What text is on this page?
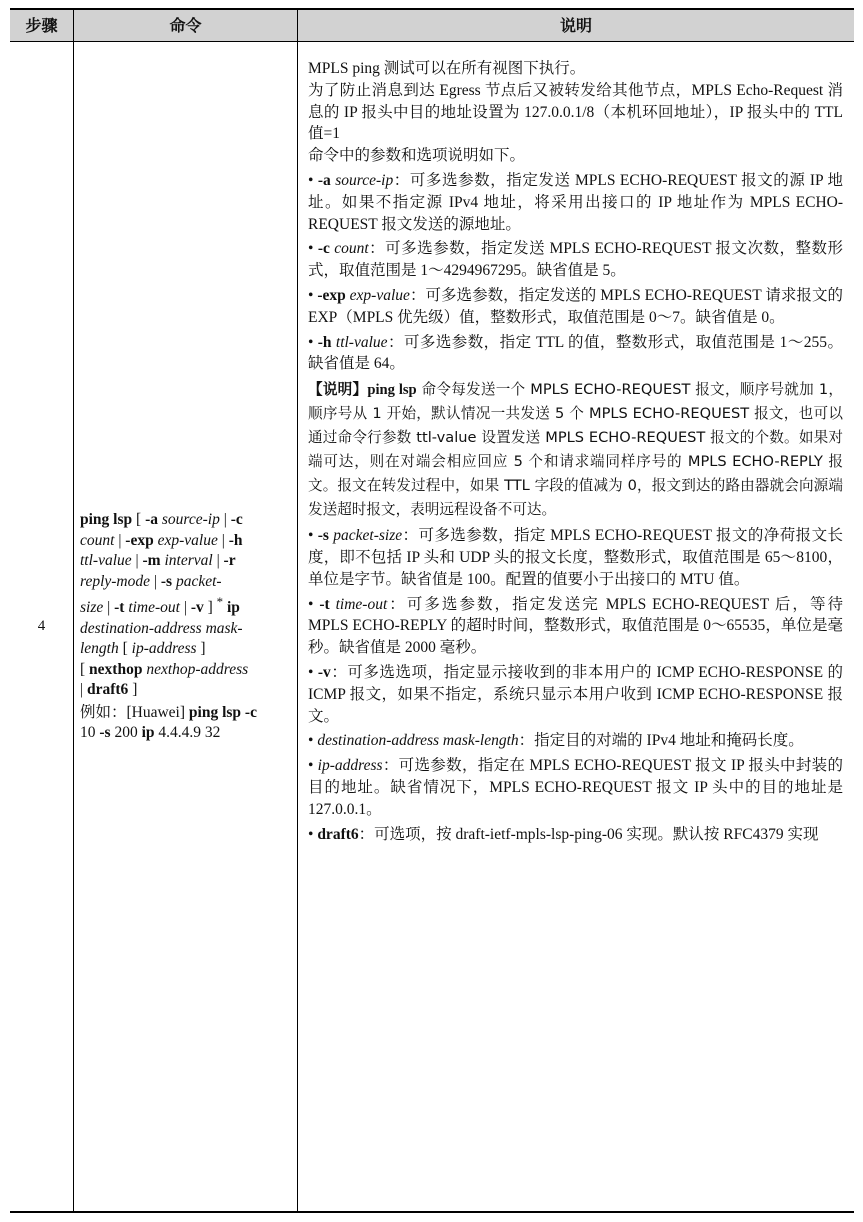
步骤	命令	说明
4
ping lsp [ -a source-ip | -c
count | -exp exp-value | -h
ttl-value | -m interval | -r
reply-mode | -s packet-
size | -t time-out | -v ] * ip
destination-address mask-
length [ ip-address ]
[ nexthop nexthop-address
| draft6 ]
例如：[Huawei] ping lsp -c
10 -s 200 ip 4.4.4.9 32

MPLS ping 测试可以在所有视图下执行。

为了防止消息到达 Egress 节点后又被转发给其他节点，MPLS Echo-Request 消息的 IP 报头中目的地址设置为 127.0.0.1/8（本机环回地址），IP 报头中的 TTL 值=1

命令中的参数和选项说明如下。

• -a source-ip：可多选参数，指定发送 MPLS ECHO-REQUEST 报文的源 IP 地址。如果不指定源 IPv4 地址，将采用出接口的 IP 地址作为 MPLS ECHO-REQUEST 报文发送的源地址。

• -c count：可多选参数，指定发送 MPLS ECHO-REQUEST 报文次数，整数形式，取值范围是 1～4294967295。缺省值是 5。

• -exp exp-value：可多选参数，指定发送的 MPLS ECHO-REQUEST 请求报文的 EXP（MPLS 优先级）值，整数形式，取值范围是 0～7。缺省值是 0。

• -h ttl-value：可多选参数，指定 TTL 的值，整数形式，取值范围是 1～255。缺省值是 64。

【说明】ping lsp 命令每发送一个 MPLS ECHO-REQUEST 报文，顺序号就加 1，顺序号从 1 开始，默认情况一共发送 5 个 MPLS ECHO-REQUEST 报文，也可以通过命令行参数 ttl-value 设置发送 MPLS ECHO-REQUEST 报文的个数。如果对端可达，则在对端会相应回应 5 个和请求端同样序号的 MPLS ECHO-REPLY 报文。报文在转发过程中，如果 TTL 字段的值减为 0，报文到达的路由器就会向源端发送超时报文，表明远程设备不可达。

• -s packet-size：可多选参数，指定 MPLS ECHO-REQUEST 报文的净荷报文长度，即不包括 IP 头和 UDP 头的报文长度，整数形式，取值范围是 65～8100，单位是字节。缺省值是 100。配置的值要小于出接口的 MTU 值。

• -t time-out：可多选参数，指定发送完 MPLS ECHO-REQUEST 后，等待 MPLS ECHO-REPLY 的超时时间，整数形式，取值范围是 0～65535，单位是毫秒。缺省值是 2000 毫秒。

• -v：可多选选项，指定显示接收到的非本用户的 ICMP ECHO-RESPONSE 的 ICMP 报文，如果不指定，系统只显示本用户收到 ICMP ECHO-RESPONSE 报文。

• destination-address mask-length：指定目的对端的 IPv4 地址和掩码长度。

• ip-address：可选参数，指定在 MPLS ECHO-REQUEST 报文 IP 报头中封装的目的地址。缺省情况下，MPLS ECHO-REQUEST 报文 IP 头中的目的地址是 127.0.0.1。

• draft6：可选项，按 draft-ietf-mpls-lsp-ping-06 实现。默认按 RFC4379 实现
